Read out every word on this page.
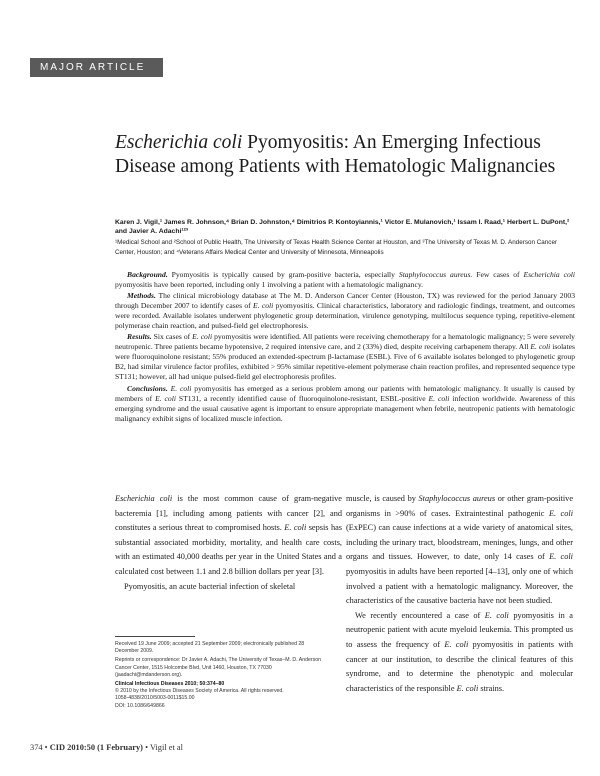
MAJOR ARTICLE
Escherichia coli Pyomyositis: An Emerging Infectious Disease among Patients with Hematologic Malignancies
Karen J. Vigil,¹ James R. Johnson,⁴ Brian D. Johnston,⁴ Dimitrios P. Kontoyiannis,¹ Victor E. Mulanovich,¹ Issam I. Raad,¹ Herbert L. DuPont,² and Javier A. Adachi¹²³
¹Medical School and ²School of Public Health, The University of Texas Health Science Center at Houston, and ³The University of Texas M. D. Anderson Cancer Center, Houston; and ⁴Veterans Affairs Medical Center and University of Minnesota, Minneapolis

Background. Pyomyositis is typically caused by gram-positive bacteria, especially Staphylococcus aureus. Few cases of Escherichia coli pyomyositis have been reported, including only 1 involving a patient with a hematologic malignancy.

Methods. The clinical microbiology database at The M. D. Anderson Cancer Center (Houston, TX) was reviewed for the period January 2003 through December 2007 to identify cases of E. coli pyomyositis. Clinical characteristics, laboratory and radiologic findings, treatment, and outcomes were recorded. Available isolates underwent phylogenetic group determination, virulence genotyping, multilocus sequence typing, repetitive-element polymerase chain reaction, and pulsed-field gel electrophoresis.

Results. Six cases of E. coli pyomyositis were identified. All patients were receiving chemotherapy for a hematologic malignancy; 5 were severely neutropenic. Three patients became hypotensive, 2 required intensive care, and 2 (33%) died, despite receiving carbapenem therapy. All E. coli isolates were fluoroquinolone resistant; 55% produced an extended-spectrum β-lactamase (ESBL). Five of 6 available isolates belonged to phylogenetic group B2, had similar virulence factor profiles, exhibited > 95% similar repetitive-element polymerase chain reaction profiles, and represented sequence type ST131; however, all had unique pulsed-field gel electrophoresis profiles.

Conclusions. E. coli pyomyositis has emerged as a serious problem among our patients with hematologic malignancy. It usually is caused by members of E. coli ST131, a recently identified cause of fluoroquinolone-resistant, ESBL-positive E. coli infection worldwide. Awareness of this emerging syndrome and the usual causative agent is important to ensure appropriate management when febrile, neutropenic patients with hematologic malignancy exhibit signs of localized muscle infection.

Escherichia coli is the most common cause of gram-negative bacteremia [1], including among patients with cancer [2], and constitutes a serious threat to compromised hosts. E. coli sepsis has substantial associated morbidity, mortality, and health care costs, with an estimated 40,000 deaths per year in the United States and a calculated cost between 1.1 and 2.8 billion dollars per year [3].

Pyomyositis, an acute bacterial infection of skeletal

Received 19 June 2009; accepted 21 September 2009; electronically published 28 December 2009.
Reprints or correspondence: Dr Javier A. Adachi, The University of Texas–M. D. Anderson Cancer Center, 1515 Holcombe Blvd, Unit 1460, Houston, TX 77030 (jaadachi@mdanderson.org).
Clinical Infectious Diseases 2010; 50:374–80
© 2010 by the Infectious Diseases Society of America. All rights reserved.
1058-4838/2010/5003-0011$15.00
DOI: 10.1086/649866

muscle, is caused by Staphylococcus aureus or other gram-positive organisms in >90% of cases. Extraintestinal pathogenic E. coli (ExPEC) can cause infections at a wide variety of anatomical sites, including the urinary tract, bloodstream, meninges, lungs, and other organs and tissues. However, to date, only 14 cases of E. coli pyomyositis in adults have been reported [4–13], only one of which involved a patient with a hematologic malignancy. Moreover, the characteristics of the causative bacteria have not been studied.

We recently encountered a case of E. coli pyomyositis in a neutropenic patient with acute myeloid leukemia. This prompted us to assess the frequency of E. coli pyomyositis in patients with cancer at our institution, to describe the clinical features of this syndrome, and to determine the phenotypic and molecular characteristics of the responsible E. coli strains.

374 • CID 2010:50 (1 February) • Vigil et al
